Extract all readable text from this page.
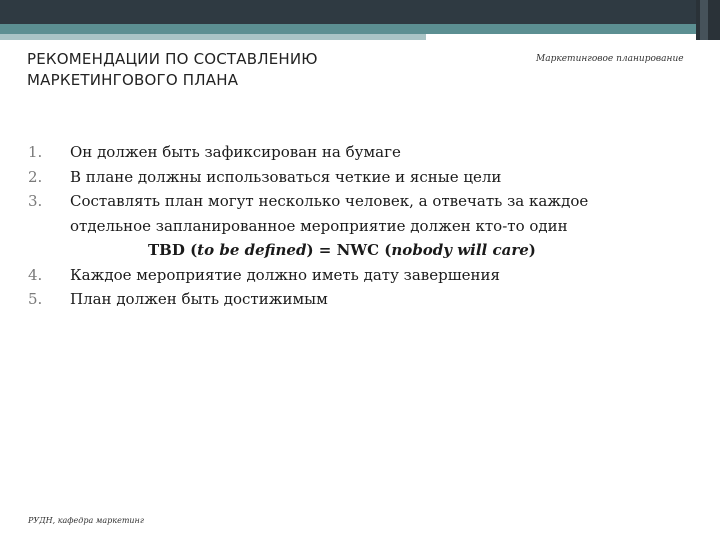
РЕКОМЕНДАЦИИ ПО СОСТАВЛЕНИЮ
МАРКЕТИНГОВОГО ПЛАНА
Маркетинговое планирование
1.	Он должен быть зафиксирован на бумаге
2.	В плане должны использоваться четкие и ясные цели
3.	Составлять план могут несколько человек, а отвечать за каждое отдельное запланированное мероприятие должен кто-то один
TBD (to be defined) = NWC (nobody will care)
4.	Каждое мероприятие должно иметь дату завершения
5.	План должен быть достижимым
РУДН, кафедра маркетинг
